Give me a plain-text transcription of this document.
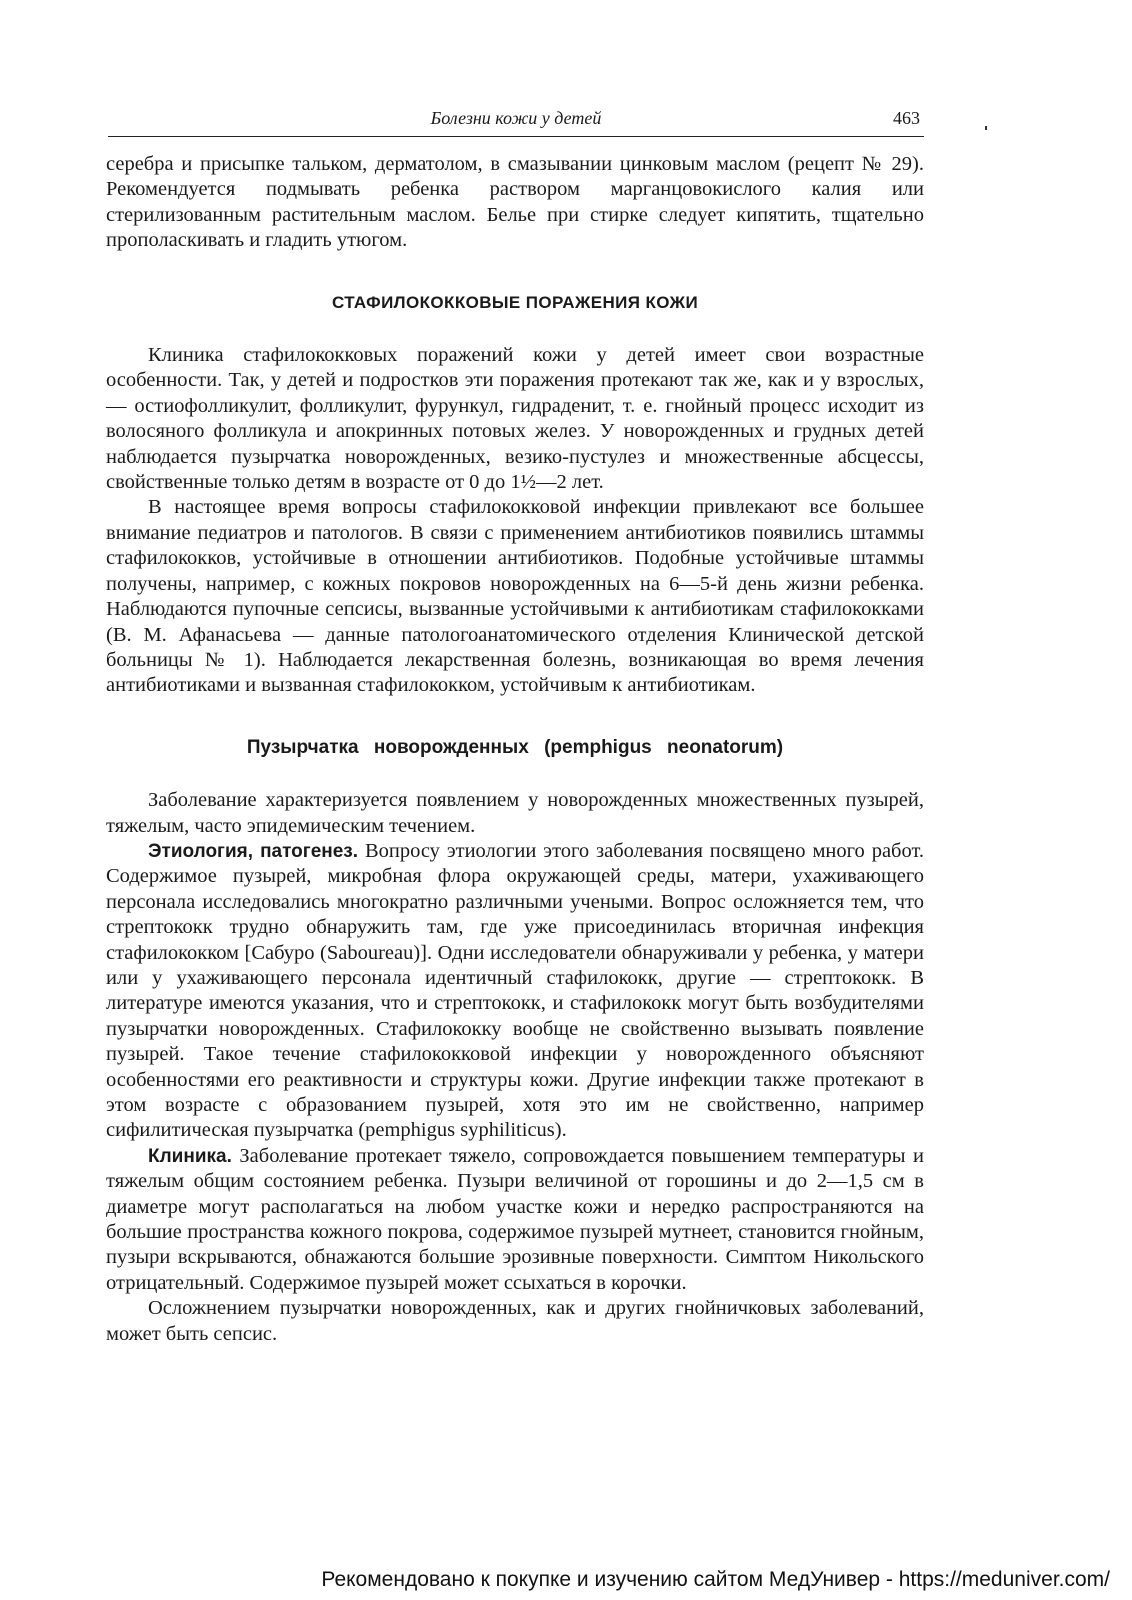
Болезни кожи у детей	463

серебра и присыпке тальком, дерматолом, в смазывании цинковым маслом (рецепт № 29). Рекомендуется подмывать ребенка раствором марганцовокислого калия или стерилизованным растительным маслом. Белье при стирке следует кипятить, тщательно прополаскивать и гладить утюгом.

СТАФИЛОКОККОВЫЕ ПОРАЖЕНИЯ КОЖИ

Клиника стафилококковых поражений кожи у детей имеет свои возрастные особенности. Так, у детей и подростков эти поражения протекают так же, как и у взрослых,— остиофолликулит, фолликулит, фурункул, гидраденит, т. е. гнойный процесс исходит из волосяного фолликула и апокринных потовых желез. У новорожденных и грудных детей наблюдается пузырчатка новорожденных, везико-пустулез и множественные абсцессы, свойственные только детям в возрасте от 0 до 1½—2 лет.

В настоящее время вопросы стафилококковой инфекции привлекают все большее внимание педиатров и патологов. В связи с применением антибиотиков появились штаммы стафилококков, устойчивые в отношении антибиотиков. Подобные устойчивые штаммы получены, например, с кожных покровов новорожденных на 6—5-й день жизни ребенка. Наблюдаются пупочные сепсисы, вызванные устойчивыми к антибиотикам стафилококками (В. М. Афанасьева — данные патологоанатомического отделения Клинической детской больницы № 1). Наблюдается лекарственная болезнь, возникающая во время лечения антибиотиками и вызванная стафилококком, устойчивым к антибиотикам.

Пузырчатка новорожденных (pemphigus neonatorum)

Заболевание характеризуется появлением у новорожденных множественных пузырей, тяжелым, часто эпидемическим течением.

Этиология, патогенез. Вопросу этиологии этого заболевания посвящено много работ. Содержимое пузырей, микробная флора окружающей среды, матери, ухаживающего персонала исследовались многократно различными учеными. Вопрос осложняется тем, что стрептококк трудно обнаружить там, где уже присоединилась вторичная инфекция стафилококком [Сабуро (Saboureau)]. Одни исследователи обнаруживали у ребенка, у матери или у ухаживающего персонала идентичный стафилококк, другие — стрептококк. В литературе имеются указания, что и стрептококк, и стафилококк могут быть возбудителями пузырчатки новорожденных. Стафилококку вообще не свойственно вызывать появление пузырей. Такое течение стафилококковой инфекции у новорожденного объясняют особенностями его реактивности и структуры кожи. Другие инфекции также протекают в этом возрасте с образованием пузырей, хотя это им не свойственно, например сифилитическая пузырчатка (pemphigus syphiliticus).

Клиника. Заболевание протекает тяжело, сопровождается повышением температуры и тяжелым общим состоянием ребенка. Пузыри величиной от горошины и до 2—1,5 см в диаметре могут располагаться на любом участке кожи и нередко распространяются на большие пространства кожного покрова, содержимое пузырей мутнеет, становится гнойным, пузыри вскрываются, обнажаются большие эрозивные поверхности. Симптом Никольского отрицательный. Содержимое пузырей может ссыхаться в корочки.

Осложнением пузырчатки новорожденных, как и других гнойничковых заболеваний, может быть сепсис.

Рекомендовано к покупке и изучению сайтом МедУнивер - https://meduniver.com/
